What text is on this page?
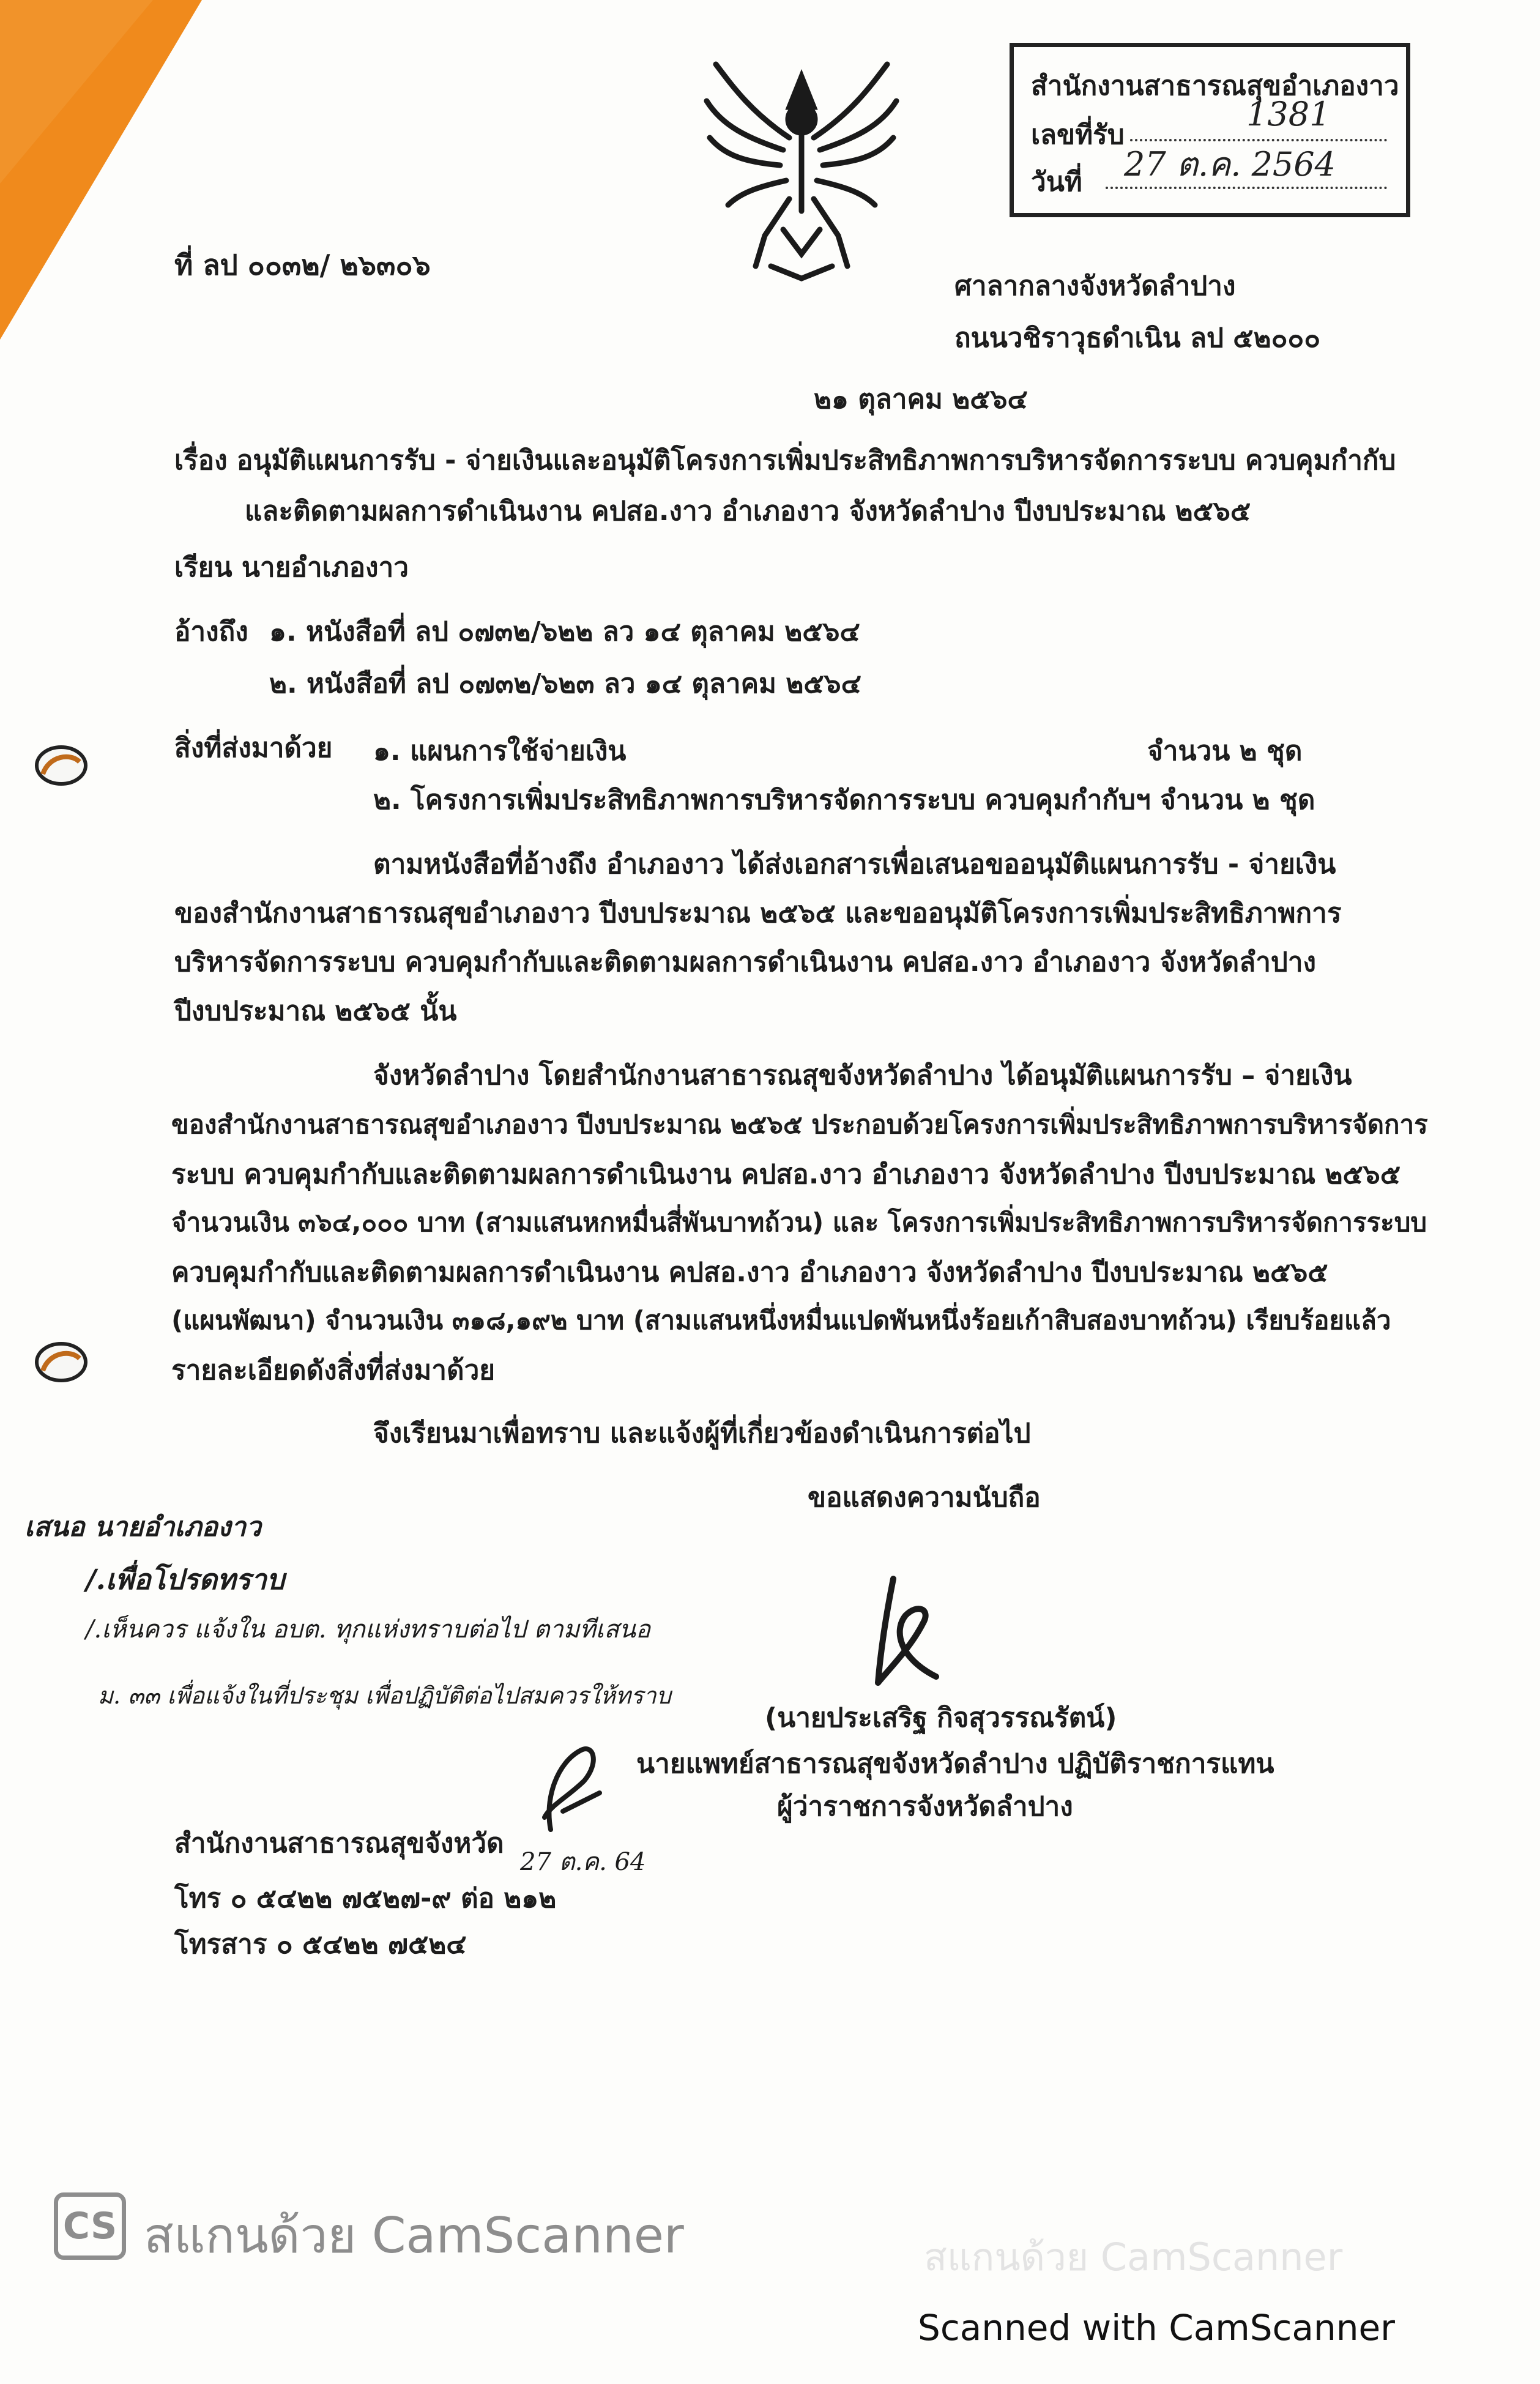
สำนักงานสาธารณสุขอำเภองาว
เลขที่รับ
1381
วันที่ 27 ต.ค. 2564
ที่ ลป ๐๐๓๒/ ๒๖๓๐๖
ศาลากลางจังหวัดลำปาง
ถนนวชิราวุธดำเนิน ลป ๕๒๐๐๐
๒๑ ตุลาคม ๒๕๖๔
เรื่อง อนุมัติแผนการรับ - จ่ายเงินและอนุมัติโครงการเพิ่มประสิทธิภาพการบริหารจัดการระบบ ควบคุมกำกับ
และติดตามผลการดำเนินงาน คปสอ.งาว อำเภองาว จังหวัดลำปาง ปีงบประมาณ ๒๕๖๕
เรียน นายอำเภองาว
อ้างถึง ๑. หนังสือที่ ลป ๐๗๓๒/๖๒๒ ลว ๑๔ ตุลาคม ๒๕๖๔
๒. หนังสือที่ ลป ๐๗๓๒/๖๒๓ ลว ๑๔ ตุลาคม ๒๕๖๔
สิ่งที่ส่งมาด้วย ๑. แผนการใช้จ่ายเงิน	จำนวน ๒ ชุด
๒. โครงการเพิ่มประสิทธิภาพการบริหารจัดการระบบ ควบคุมกำกับฯ จำนวน ๒ ชุด
ตามหนังสือที่อ้างถึง อำเภองาว ได้ส่งเอกสารเพื่อเสนอขออนุมัติแผนการรับ - จ่ายเงิน
ของสำนักงานสาธารณสุขอำเภองาว ปีงบประมาณ ๒๕๖๕ และขออนุมัติโครงการเพิ่มประสิทธิภาพการ
บริหารจัดการระบบ ควบคุมกำกับและติดตามผลการดำเนินงาน คปสอ.งาว อำเภองาว จังหวัดลำปาง
ปีงบประมาณ ๒๕๖๕ นั้น
จังหวัดลำปาง โดยสำนักงานสาธารณสุขจังหวัดลำปาง ได้อนุมัติแผนการรับ – จ่ายเงิน
ของสำนักงานสาธารณสุขอำเภองาว ปีงบประมาณ ๒๕๖๕ ประกอบด้วยโครงการเพิ่มประสิทธิภาพการบริหารจัดการ
ระบบ ควบคุมกำกับและติดตามผลการดำเนินงาน คปสอ.งาว อำเภองาว จังหวัดลำปาง ปีงบประมาณ ๒๕๖๕
จำนวนเงิน ๓๖๔,๐๐๐ บาท (สามแสนหกหมื่นสี่พันบาทถ้วน) และ โครงการเพิ่มประสิทธิภาพการบริหารจัดการระบบ
ควบคุมกำกับและติดตามผลการดำเนินงาน คปสอ.งาว อำเภองาว จังหวัดลำปาง ปีงบประมาณ ๒๕๖๕
(แผนพัฒนา) จำนวนเงิน ๓๑๘,๑๙๒ บาท (สามแสนหนึ่งหมื่นแปดพันหนึ่งร้อยเก้าสิบสองบาทถ้วน) เรียบร้อยแล้ว
รายละเอียดดังสิ่งที่ส่งมาด้วย
จึงเรียนมาเพื่อทราบ และแจ้งผู้ที่เกี่ยวข้องดำเนินการต่อไป
ขอแสดงความนับถือ
(นายประเสริฐ กิจสุวรรณรัตน์)
นายแพทย์สาธารณสุขจังหวัดลำปาง ปฏิบัติราชการแทน
ผู้ว่าราชการจังหวัดลำปาง
เสนอ นายอำเภองาว
/.เพื่อโปรดทราบ
/.เห็นควร แจ้งใน อบต. ทุกแห่งทราบต่อไป ตามทีเสนอ
ม. ๓๓ เพื่อแจ้งในที่ประชุม เพื่อปฏิบัติต่อไปสมควรให้ทราบ
27 ต.ค. 64
สำนักงานสาธารณสุขจังหวัด
โทร ๐ ๕๔๒๒ ๗๕๒๗-๙ ต่อ ๒๑๒
โทรสาร ๐ ๕๔๒๒ ๗๕๒๔
CS สแกนด้วย CamScanner	สแกนด้วย CamScanner
Scanned with CamScanner
